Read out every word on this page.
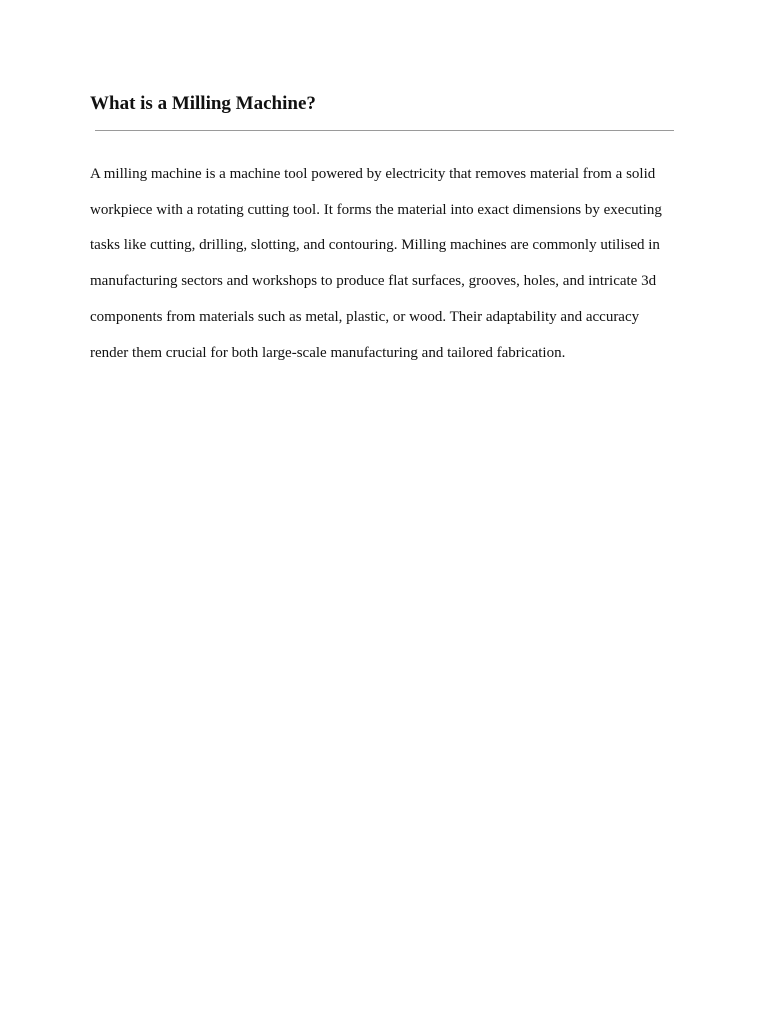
What is a Milling Machine?

A milling machine is a machine tool powered by electricity that removes material from a solid
workpiece with a rotating cutting tool. It forms the material into exact dimensions by executing
tasks like cutting, drilling, slotting, and contouring. Milling machines are commonly utilised in
manufacturing sectors and workshops to produce flat surfaces, grooves, holes, and intricate 3d
components from materials such as metal, plastic, or wood. Their adaptability and accuracy
render them crucial for both large-scale manufacturing and tailored fabrication.
